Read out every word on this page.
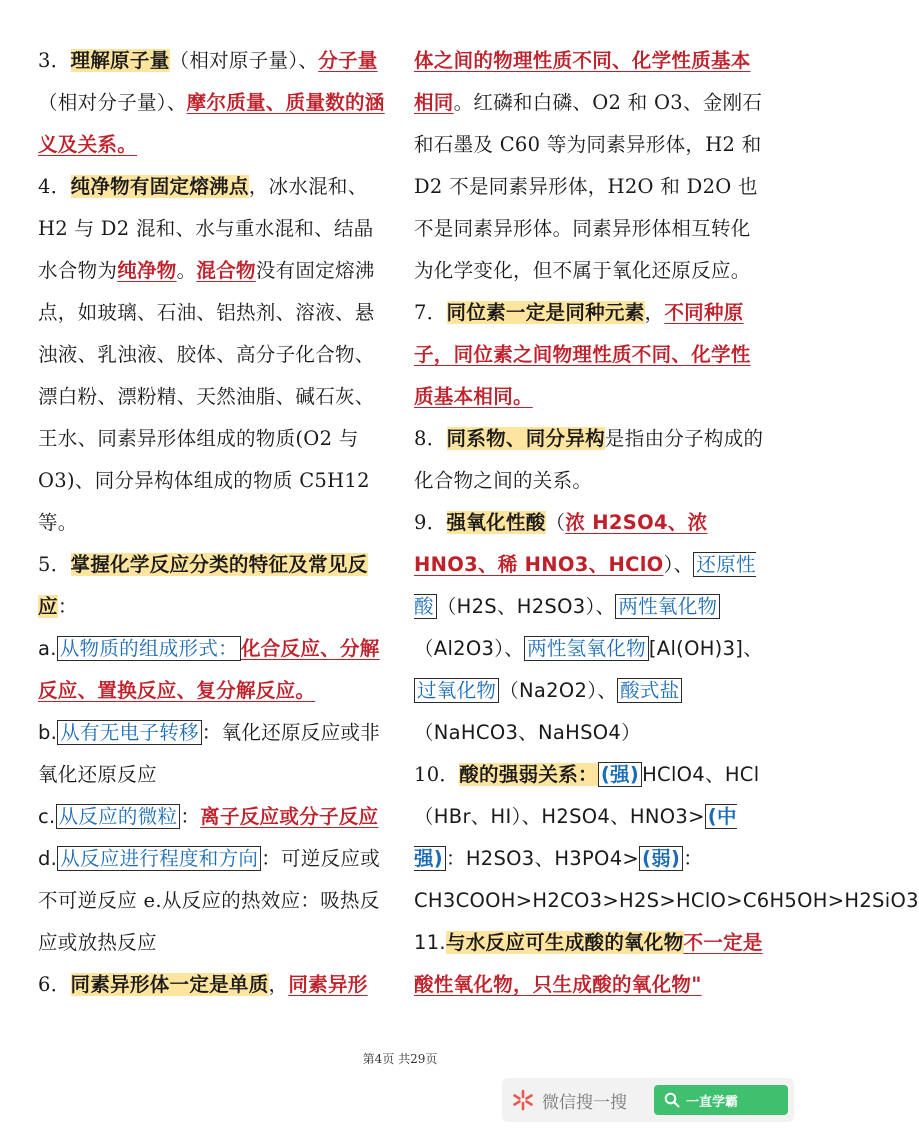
3．理解原子量（相对原子量）、分子量（相对分子量）、摩尔质量、质量数的涵义及关系。

4．纯净物有固定熔沸点，冰水混和、H2 与 D2 混和、水与重水混和、结晶水合物为纯净物。混合物没有固定熔沸点，如玻璃、石油、铝热剂、溶液、悬浊液、乳浊液、胶体、高分子化合物、漂白粉、漂粉精、天然油脂、碱石灰、王水、同素异形体组成的物质(O2 与 O3)、同分异构体组成的物质 C5H12 等。

5．掌握化学反应分类的特征及常见反应：

a. 从物质的组成形式： 化合反应、分解反应、置换反应、复分解反应。

b. 从有无电子转移 ：氧化还原反应或非氧化还原反应

c. 从反应的微粒 ：离子反应或分子反应

d. 从反应进行程度和方向 ：可逆反应或不可逆反应 e.从反应的热效应：吸热反应或放热反应

6．同素异形体一定是单质，同素异形

体之间的物理性质不同、化学性质基本相同。红磷和白磷、O2 和 O3、金刚石和石墨及 C60 等为同素异形体，H2 和 D2 不是同素异形体，H2O 和 D2O 也不是同素异形体。同素异形体相互转化为化学变化，但不属于氧化还原反应。

7．同位素一定是同种元素，不同种原子，同位素之间物理性质不同、化学性质基本相同。

8．同系物、同分异构是指由分子构成的化合物之间的关系。

9．强氧化性酸（浓 H2SO4、浓 HNO3、稀 HNO3、HClO）、 还原性酸 （H2S、H2SO3）、 两性氧化物（Al2O3）、 两性氢氧化物 [Al(OH)3]、过氧化物 （Na2O2）、 酸式盐（NaHCO3、NaHSO4）

10．酸的强弱关系： (强) HClO4、HCl（HBr、HI）、H2SO4、HNO3> (中强) ：H2SO3、H3PO4> (弱) ：CH3COOH>H2CO3>H2S>HClO>C6H5OH>H2SiO3

11.与水反应可生成酸的氧化物不一定是酸性氧化物，只生成酸的氧化物"

第4页 共29页
微信搜一搜	一直学霸
